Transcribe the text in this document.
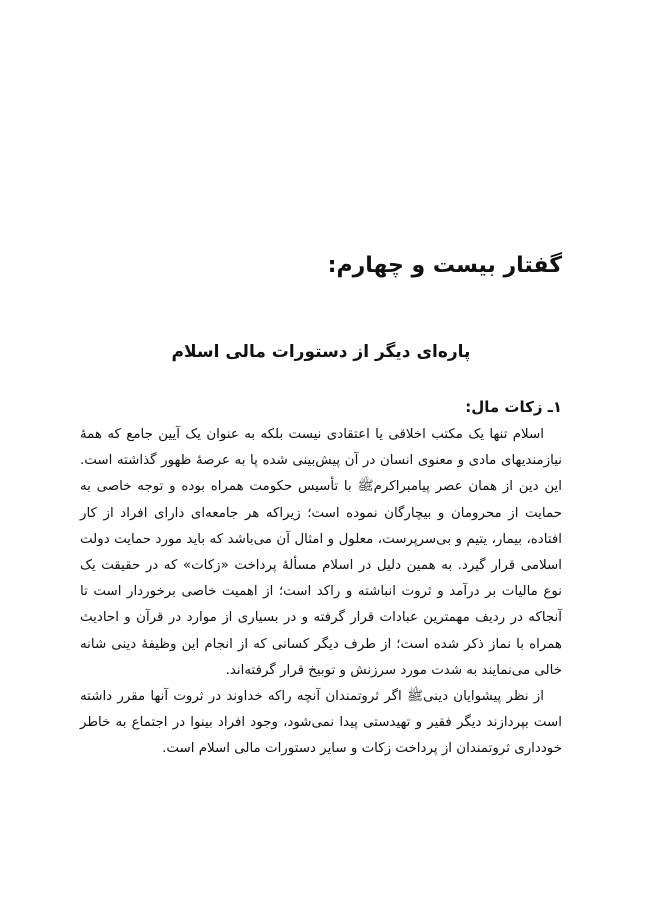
گفتار بیست و چهارم:
پاره‌ای دیگر از دستورات مالی اسلام
۱ـ زکات مال:

اسلام تنها یک مکتب اخلاقی یا اعتقادی نیست بلکه به عنوان یک آیین جامع که همهٔ نیازمندیهای مادی و معنوی انسان در آن پیش‌بینی شده پا به عرصهٔ ظهور گذاشته است. این دین از همان عصر پیامبراکرمﷺ با تأسیس حکومت همراه بوده و توجه خاصی به حمایت از محرومان و بیچارگان نموده است؛ زیراکه هر جامعه‌ای دارای افراد از کار افتاده، بیمار، یتیم و بی‌سرپرست، معلول و امثال آن می‌باشد که باید مورد حمایت دولت اسلامی قرار گیرد. به همین دلیل در اسلام مسألهٔ پرداخت «زکات» که در حقیقت یک نوع مالیات بر درآمد و ثروت انباشته و راکد است؛ از اهمیت خاصی برخوردار است تا آنجاکه در ردیف مهمترین عبادات قرار گرفته و در بسیاری از موارد در قرآن و احادیث همراه با نماز ذکر شده است؛ از طرف دیگر کسانی که از انجام این وظیفهٔ دینی شانه خالی می‌نمایند به شدت مورد سرزنش و توبیخ قرار گرفته‌اند.

از نظر پیشوایان دینیﷺ اگر ثروتمندان آنچه راکه خداوند در ثروت آنها مقرر داشته است بپردازند دیگر فقیر و تهیدستی پیدا نمی‌شود، وجود افراد بینوا در اجتماع به خاطر خودداری ثروتمندان از پرداخت زکات و سایر دستورات مالی اسلام است.
